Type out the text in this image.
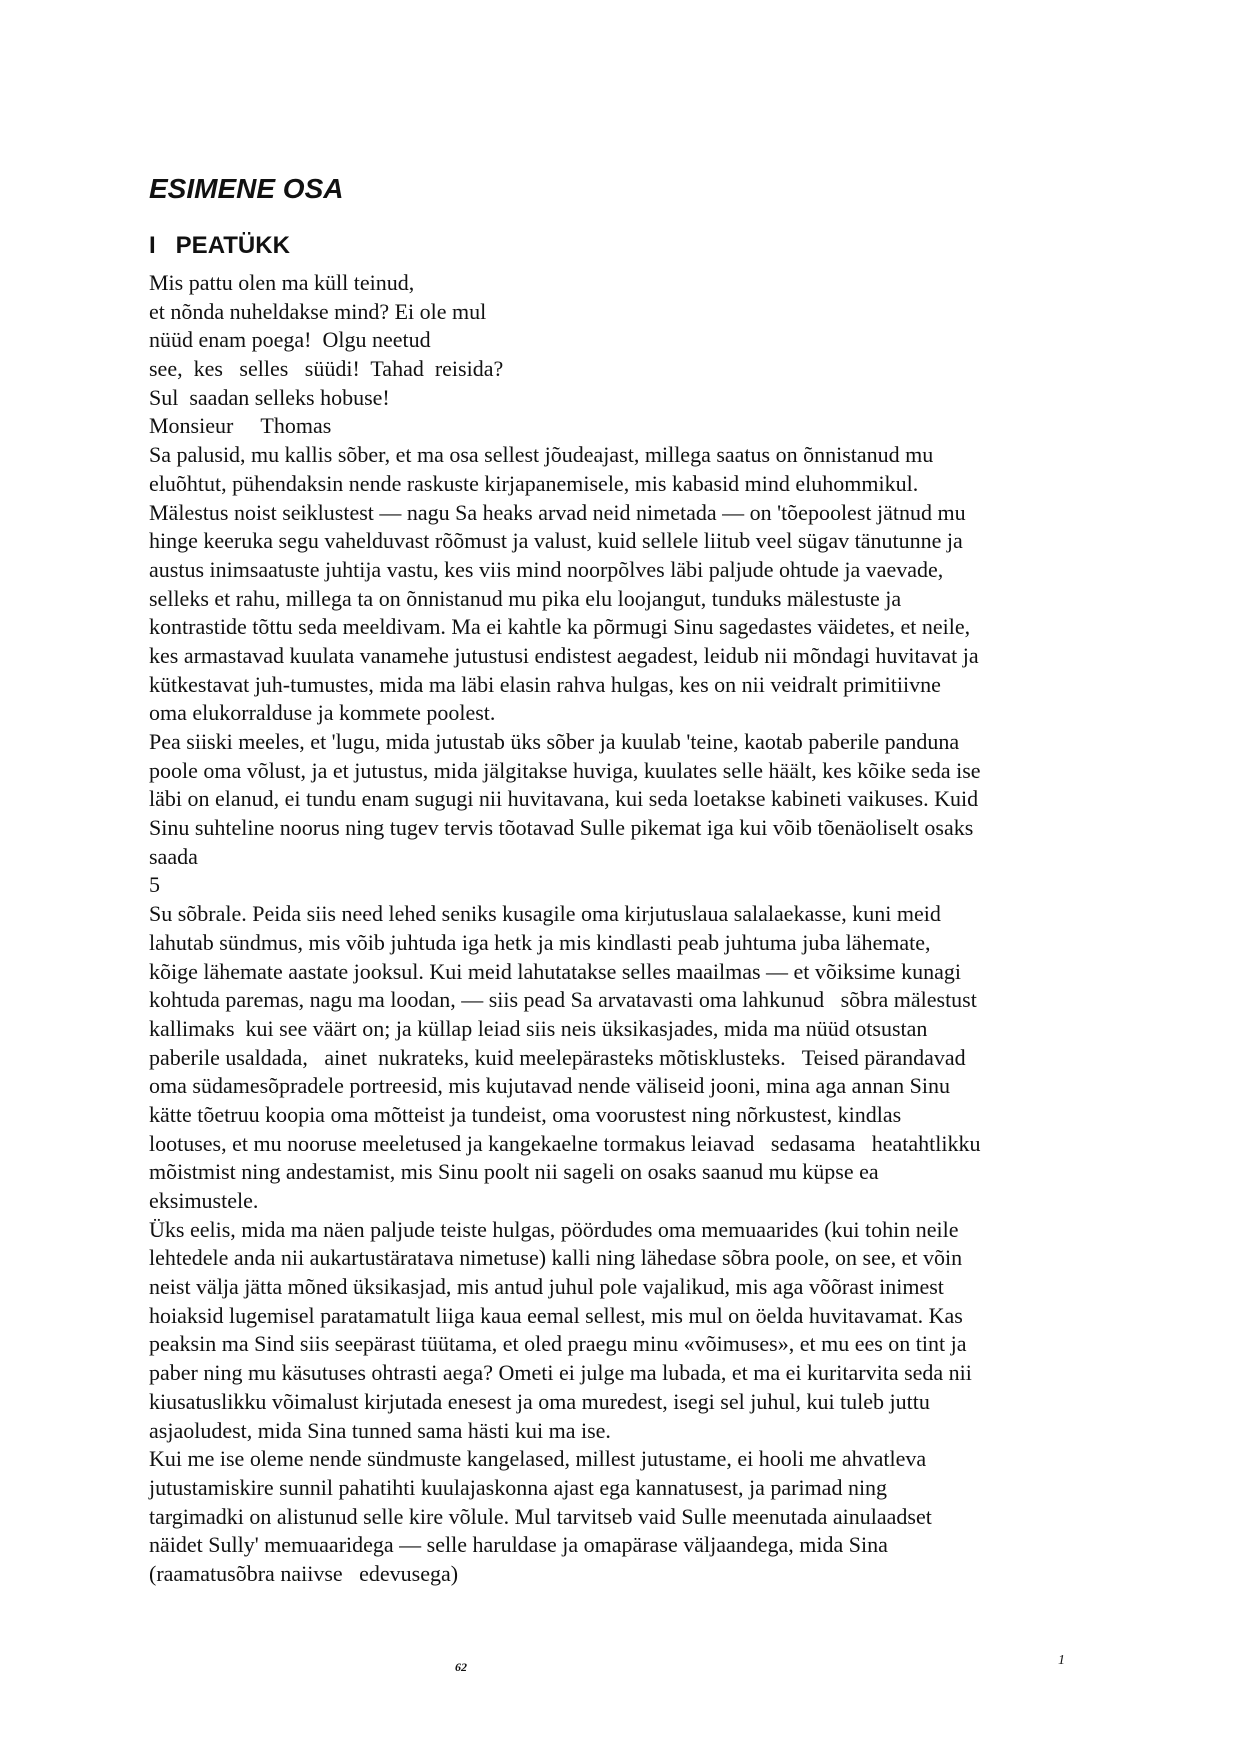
ESIMENE OSA
I   PEATÜKK
Mis pattu olen ma küll teinud,
et nõnda nuheldakse mind? Ei ole mul
nüüd enam poega!  Olgu neetud
see,  kes   selles   süüdi!  Tahad  reisida?
Sul  saadan selleks hobuse!
Monsieur     Thomas
Sa palusid, mu kallis sõber, et ma osa sellest jõudeajast, millega saatus on õnnistanud mu
eluõhtut, pühendaksin nende raskuste kirjapanemisele, mis kabasid mind eluhommikul.
Mälestus noist seiklustest — nagu Sa heaks arvad neid nimetada — on 'tõepoolest jätnud mu
hinge keeruka segu vahelduvast rõõmust ja valust, kuid sellele liitub veel sügav tänutunne ja
austus inimsaatuste juhtija vastu, kes viis mind noorpõlves läbi paljude ohtude ja vaevade,
selleks et rahu, millega ta on õnnistanud mu pika elu loojangut, tunduks mälestuste ja
kontrastide tõttu seda meeldivam. Ma ei kahtle ka põrmugi Sinu sagedastes väidetes, et neile,
kes armastavad kuulata vanamehe jutustusi endistest aegadest, leidub nii mõndagi huvitavat ja
kütkestavat juh-tumustes, mida ma läbi elasin rahva hulgas, kes on nii veidralt primitiivne
oma elukorralduse ja kommete poolest.
Pea siiski meeles, et 'lugu, mida jutustab üks sõber ja kuulab 'teine, kaotab paberile panduna
poole oma võlust, ja et jutustus, mida jälgitakse huviga, kuulates selle häält, kes kõike seda ise
läbi on elanud, ei tundu enam sugugi nii huvitavana, kui seda loetakse kabineti vaikuses. Kuid
Sinu suhteline noorus ning tugev tervis tõotavad Sulle pikemat iga kui võib tõenäoliselt osaks
saada
5
Su sõbrale. Peida siis need lehed seniks kusagile oma kirjutuslaua salalaekasse, kuni meid
lahutab sündmus, mis võib juhtuda iga hetk ja mis kindlasti peab juhtuma juba lähemate,
kõige lähemate aastate jooksul. Kui meid lahutatakse selles maailmas — et võiksime kunagi
kohtuda paremas, nagu ma loodan, — siis pead Sa arvatavasti oma lahkunud   sõbra mälestust
kallimaks  kui see väärt on; ja küllap leiad siis neis üksikasjades, mida ma nüüd otsustan
paberile usaldada,   ainet  nukrateks, kuid meelepärasteks mõtisklusteks.   Teised pärandavad
oma südamesõpradele portreesid, mis kujutavad nende väliseid jooni, mina aga annan Sinu
kätte tõetruu koopia oma mõtteist ja tundeist, oma voorustest ning nõrkustest, kindlas
lootuses, et mu nooruse meeletused ja kangekaelne tormakus leiavad   sedasama   heatahtlikku
mõistmist ning andestamist, mis Sinu poolt nii sageli on osaks saanud mu küpse ea
eksimustele.
Üks eelis, mida ma näen paljude teiste hulgas, pöördudes oma memuaarides (kui tohin neile
lehtedele anda nii aukartustäratava nimetuse) kalli ning lähedase sõbra poole, on see, et võin
neist välja jätta mõned üksikasjad, mis antud juhul pole vajalikud, mis aga võõrast inimest
hoiaksid lugemisel paratamatult liiga kaua eemal sellest, mis mul on öelda huvitavamat. Kas
peaksin ma Sind siis seepärast tüütama, et oled praegu minu «võimuses», et mu ees on tint ja
paber ning mu käsutuses ohtrasti aega? Ometi ei julge ma lubada, et ma ei kuritarvita seda nii
kiusatuslikku võimalust kirjutada enesest ja oma muredest, isegi sel juhul, kui tuleb juttu
asjaoludest, mida Sina tunned sama hästi kui ma ise.
Kui me ise oleme nende sündmuste kangelased, millest jutustame, ei hooli me ahvatleva
jutustamiskire sunnil pahatihti kuulajaskonna ajast ega kannatusest, ja parimad ning
targimadki on alistunud selle kire võlule. Mul tarvitseb vaid Sulle meenutada ainulaadset
näidet Sully' memuaaridega — selle haruldase ja omapärase väljaandega, mida Sina
(raamatusõbra naiivse   edevusega)
62	1
